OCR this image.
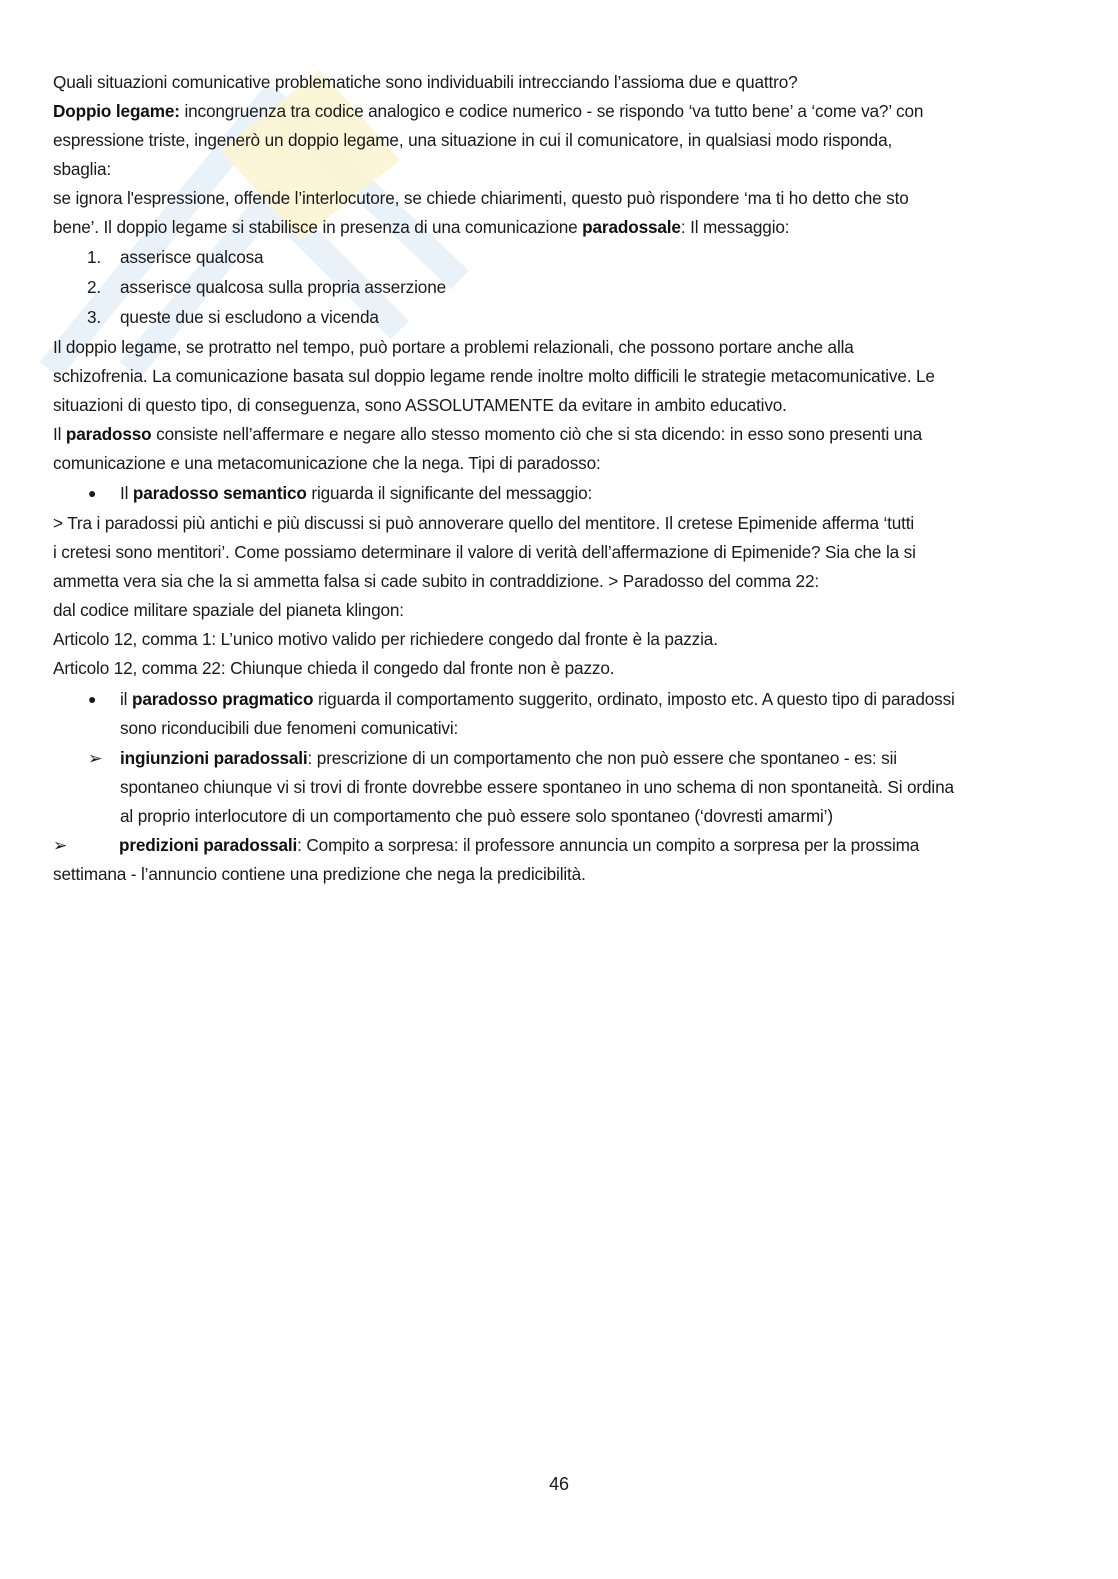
Quali situazioni comunicative problematiche sono individuabili intrecciando l’assioma due e quattro?
Doppio legame: incongruenza tra codice analogico e codice numerico - se rispondo ‘va tutto bene’ a ‘come va?’ con
espressione triste, ingenerò un doppio legame, una situazione in cui il comunicatore, in qualsiasi modo risponda,
sbaglia:
se ignora l'espressione, offende l’interlocutore, se chiede chiarimenti, questo può rispondere ‘ma ti ho detto che sto
bene’. Il doppio legame si stabilisce in presenza di una comunicazione paradossale: Il messaggio:
1. asserisce qualcosa
2. asserisce qualcosa sulla propria asserzione
3. queste due si escludono a vicenda
Il doppio legame, se protratto nel tempo, può portare a problemi relazionali, che possono portare anche alla
schizofrenia. La comunicazione basata sul doppio legame rende inoltre molto difficili le strategie metacomunicative. Le
situazioni di questo tipo, di conseguenza, sono ASSOLUTAMENTE da evitare in ambito educativo.
Il paradosso consiste nell’affermare e negare allo stesso momento ciò che si sta dicendo: in esso sono presenti una
comunicazione e una metacomunicazione che la nega. Tipi di paradosso:
● Il paradosso semantico riguarda il significante del messaggio:
> Tra i paradossi più antichi e più discussi si può annoverare quello del mentitore. Il cretese Epimenide afferma ‘tutti
i cretesi sono mentitori’. Come possiamo determinare il valore di verità dell’affermazione di Epimenide? Sia che la si
ammetta vera sia che la si ammetta falsa si cade subito in contraddizione. > Paradosso del comma 22:
dal codice militare spaziale del pianeta klingon:
Articolo 12, comma 1: L’unico motivo valido per richiedere congedo dal fronte è la pazzia.
Articolo 12, comma 22: Chiunque chieda il congedo dal fronte non è pazzo.
● il paradosso pragmatico riguarda il comportamento suggerito, ordinato, imposto etc. A questo tipo di paradossi
sono riconducibili due fenomeni comunicativi:
➢ ingiunzioni paradossali: prescrizione di un comportamento che non può essere che spontaneo - es: sii
spontaneo chiunque vi si trovi di fronte dovrebbe essere spontaneo in uno schema di non spontaneità. Si ordina
al proprio interlocutore di un comportamento che può essere solo spontaneo (‘dovresti amarmi’)
➢	predizioni paradossali: Compito a sorpresa: il professore annuncia un compito a sorpresa per la prossima
settimana - l’annuncio contiene una predizione che nega la predicibilità.
46
